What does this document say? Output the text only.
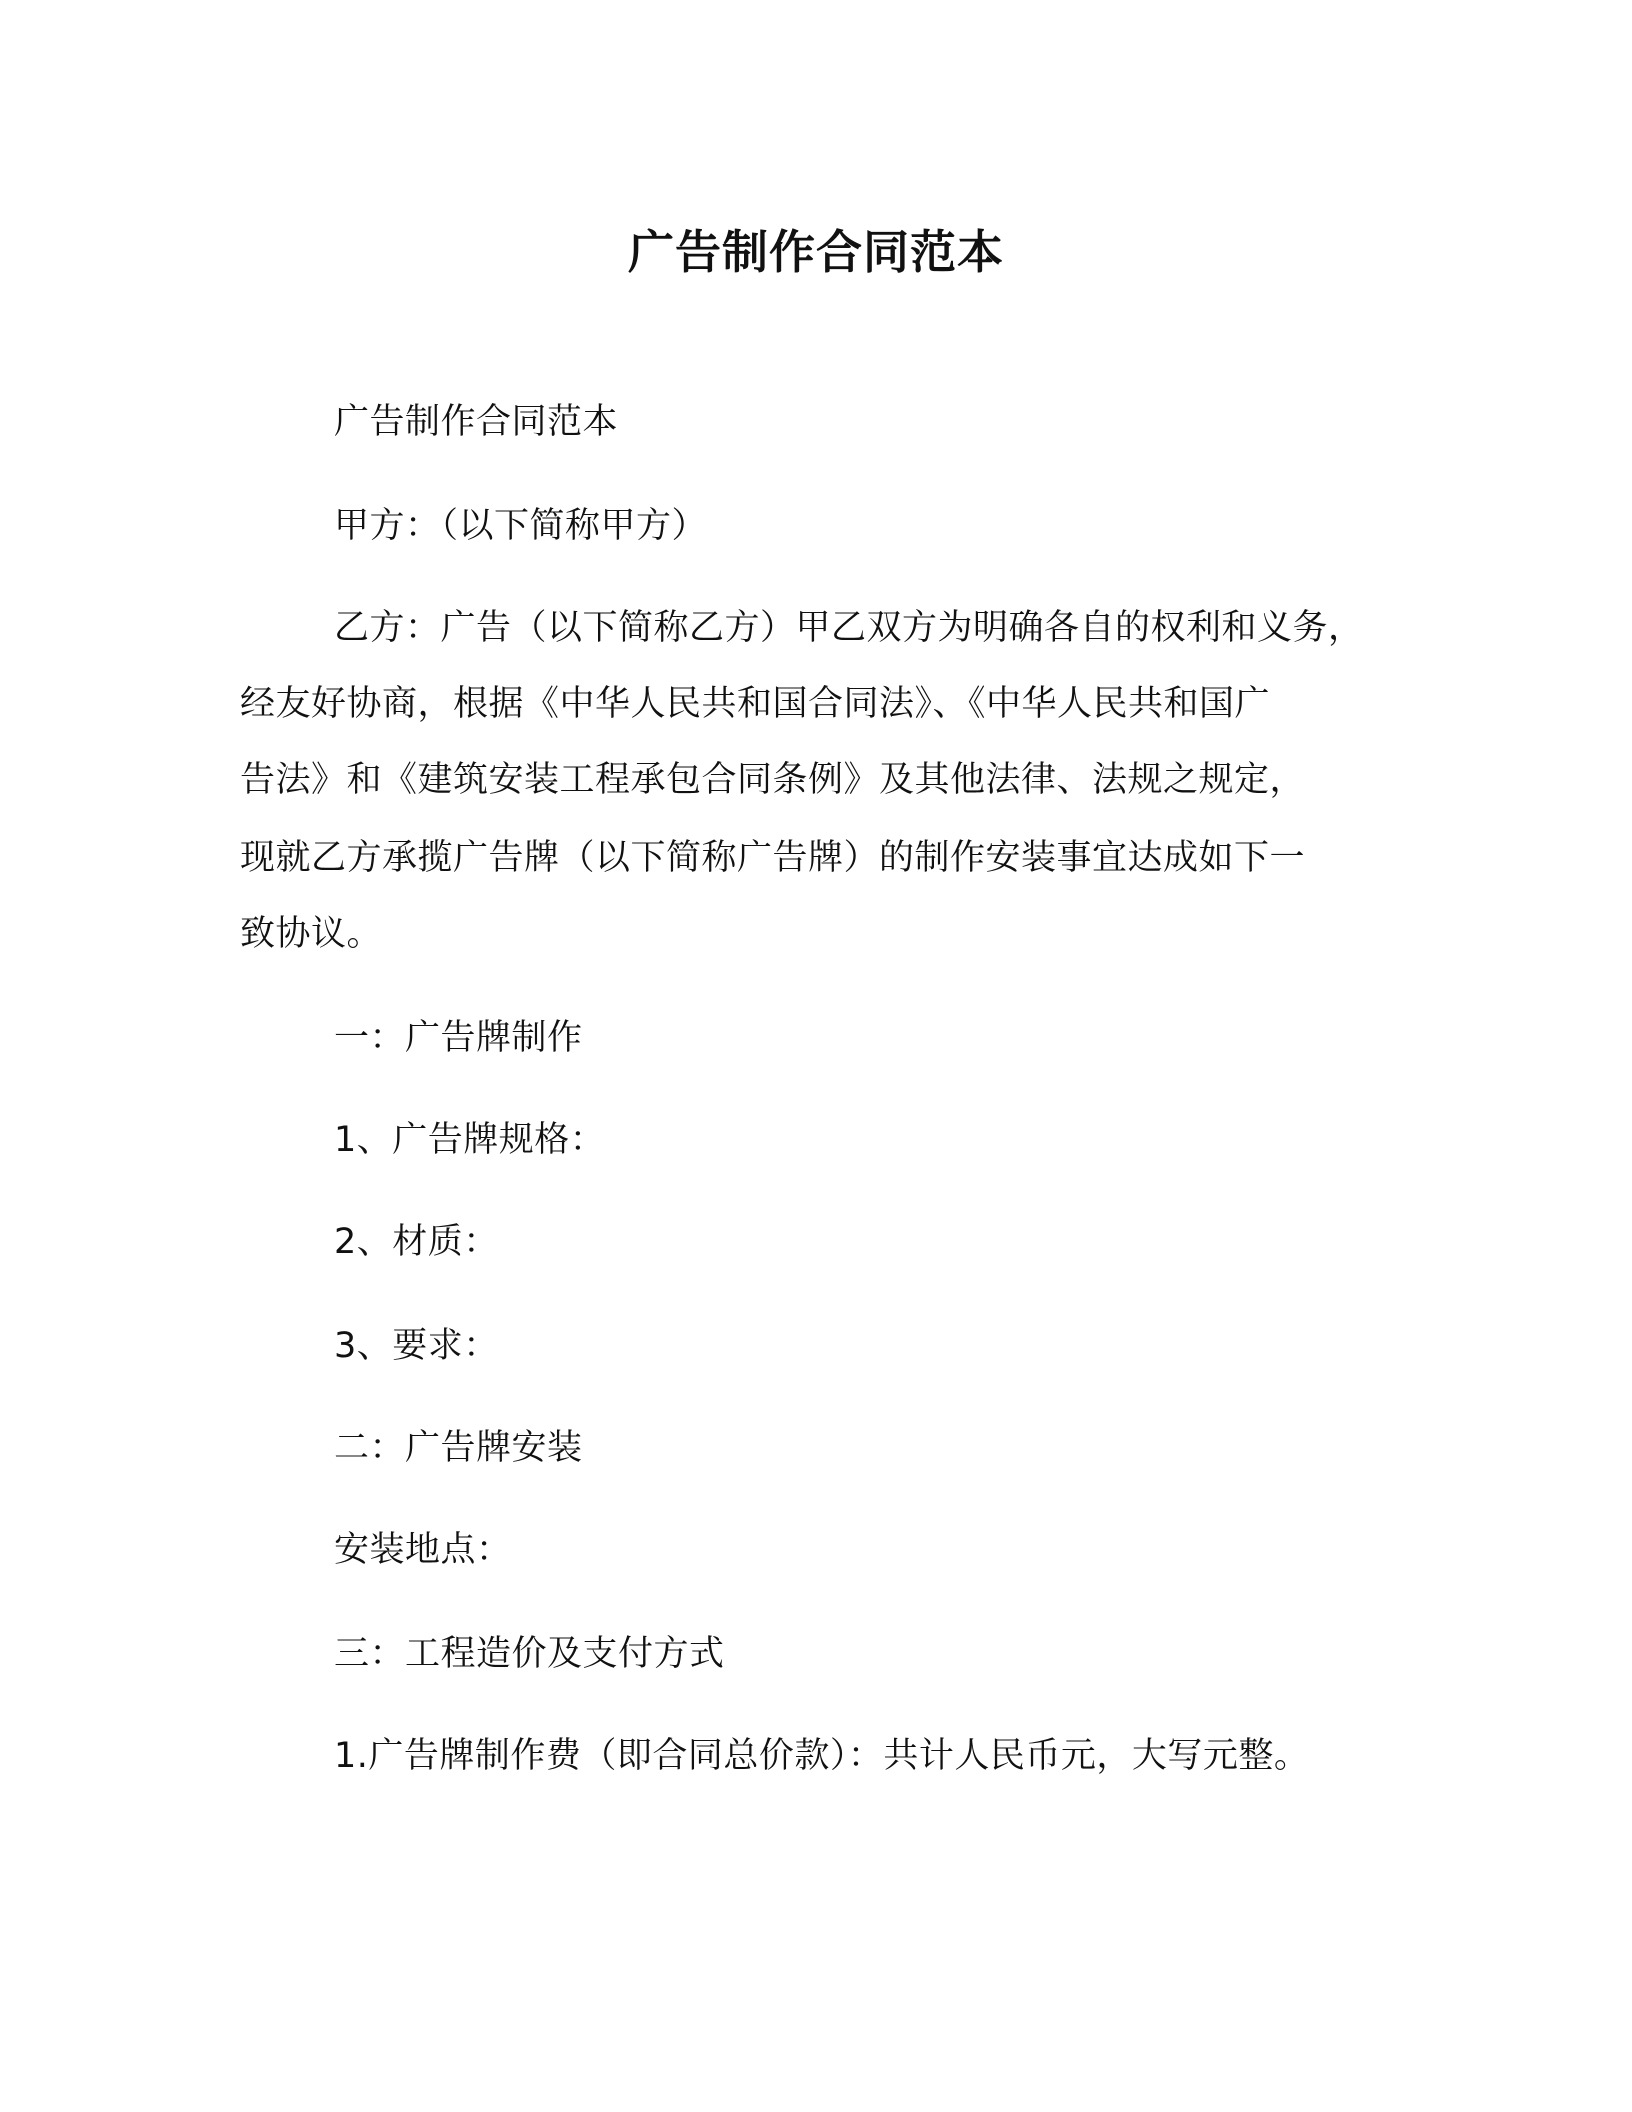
广告制作合同范本
广告制作合同范本
甲方：（以下简称甲方）
乙方：广告（以下简称乙方）甲乙双方为明确各自的权利和义务，
经友好协商，根据《中华人民共和国合同法》、《中华人民共和国广
告法》和《建筑安装工程承包合同条例》及其他法律、法规之规定，
现就乙方承揽广告牌（以下简称广告牌）的制作安装事宜达成如下一
致协议。
一：广告牌制作
1、广告牌规格：
2、材质：
3、要求：
二：广告牌安装
安装地点：
三：工程造价及支付方式
1.广告牌制作费（即合同总价款）：共计人民币元，大写元整。
